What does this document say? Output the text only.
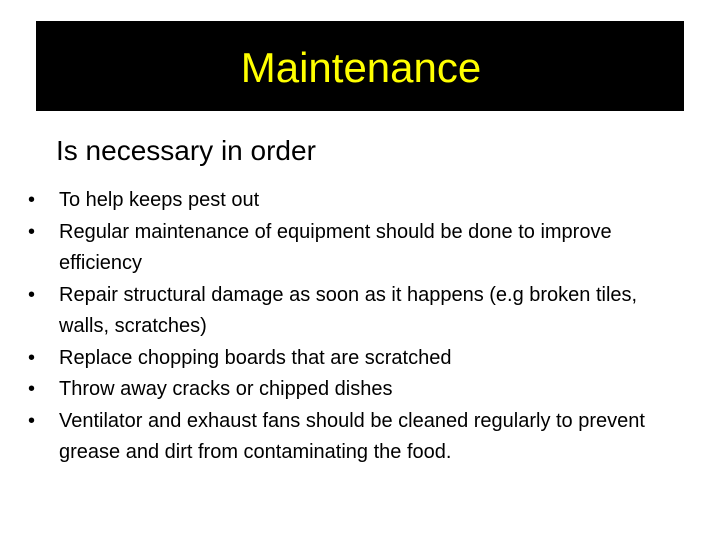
Maintenance
Is necessary in order
•	To help keeps pest out
•	Regular maintenance of equipment should be done to improve efficiency
•	Repair structural damage as soon as it happens (e.g broken tiles, walls, scratches)
•	Replace chopping boards that are scratched
•	Throw away cracks or chipped dishes
•	Ventilator and exhaust fans should be cleaned regularly to prevent grease and dirt from contaminating the food.
